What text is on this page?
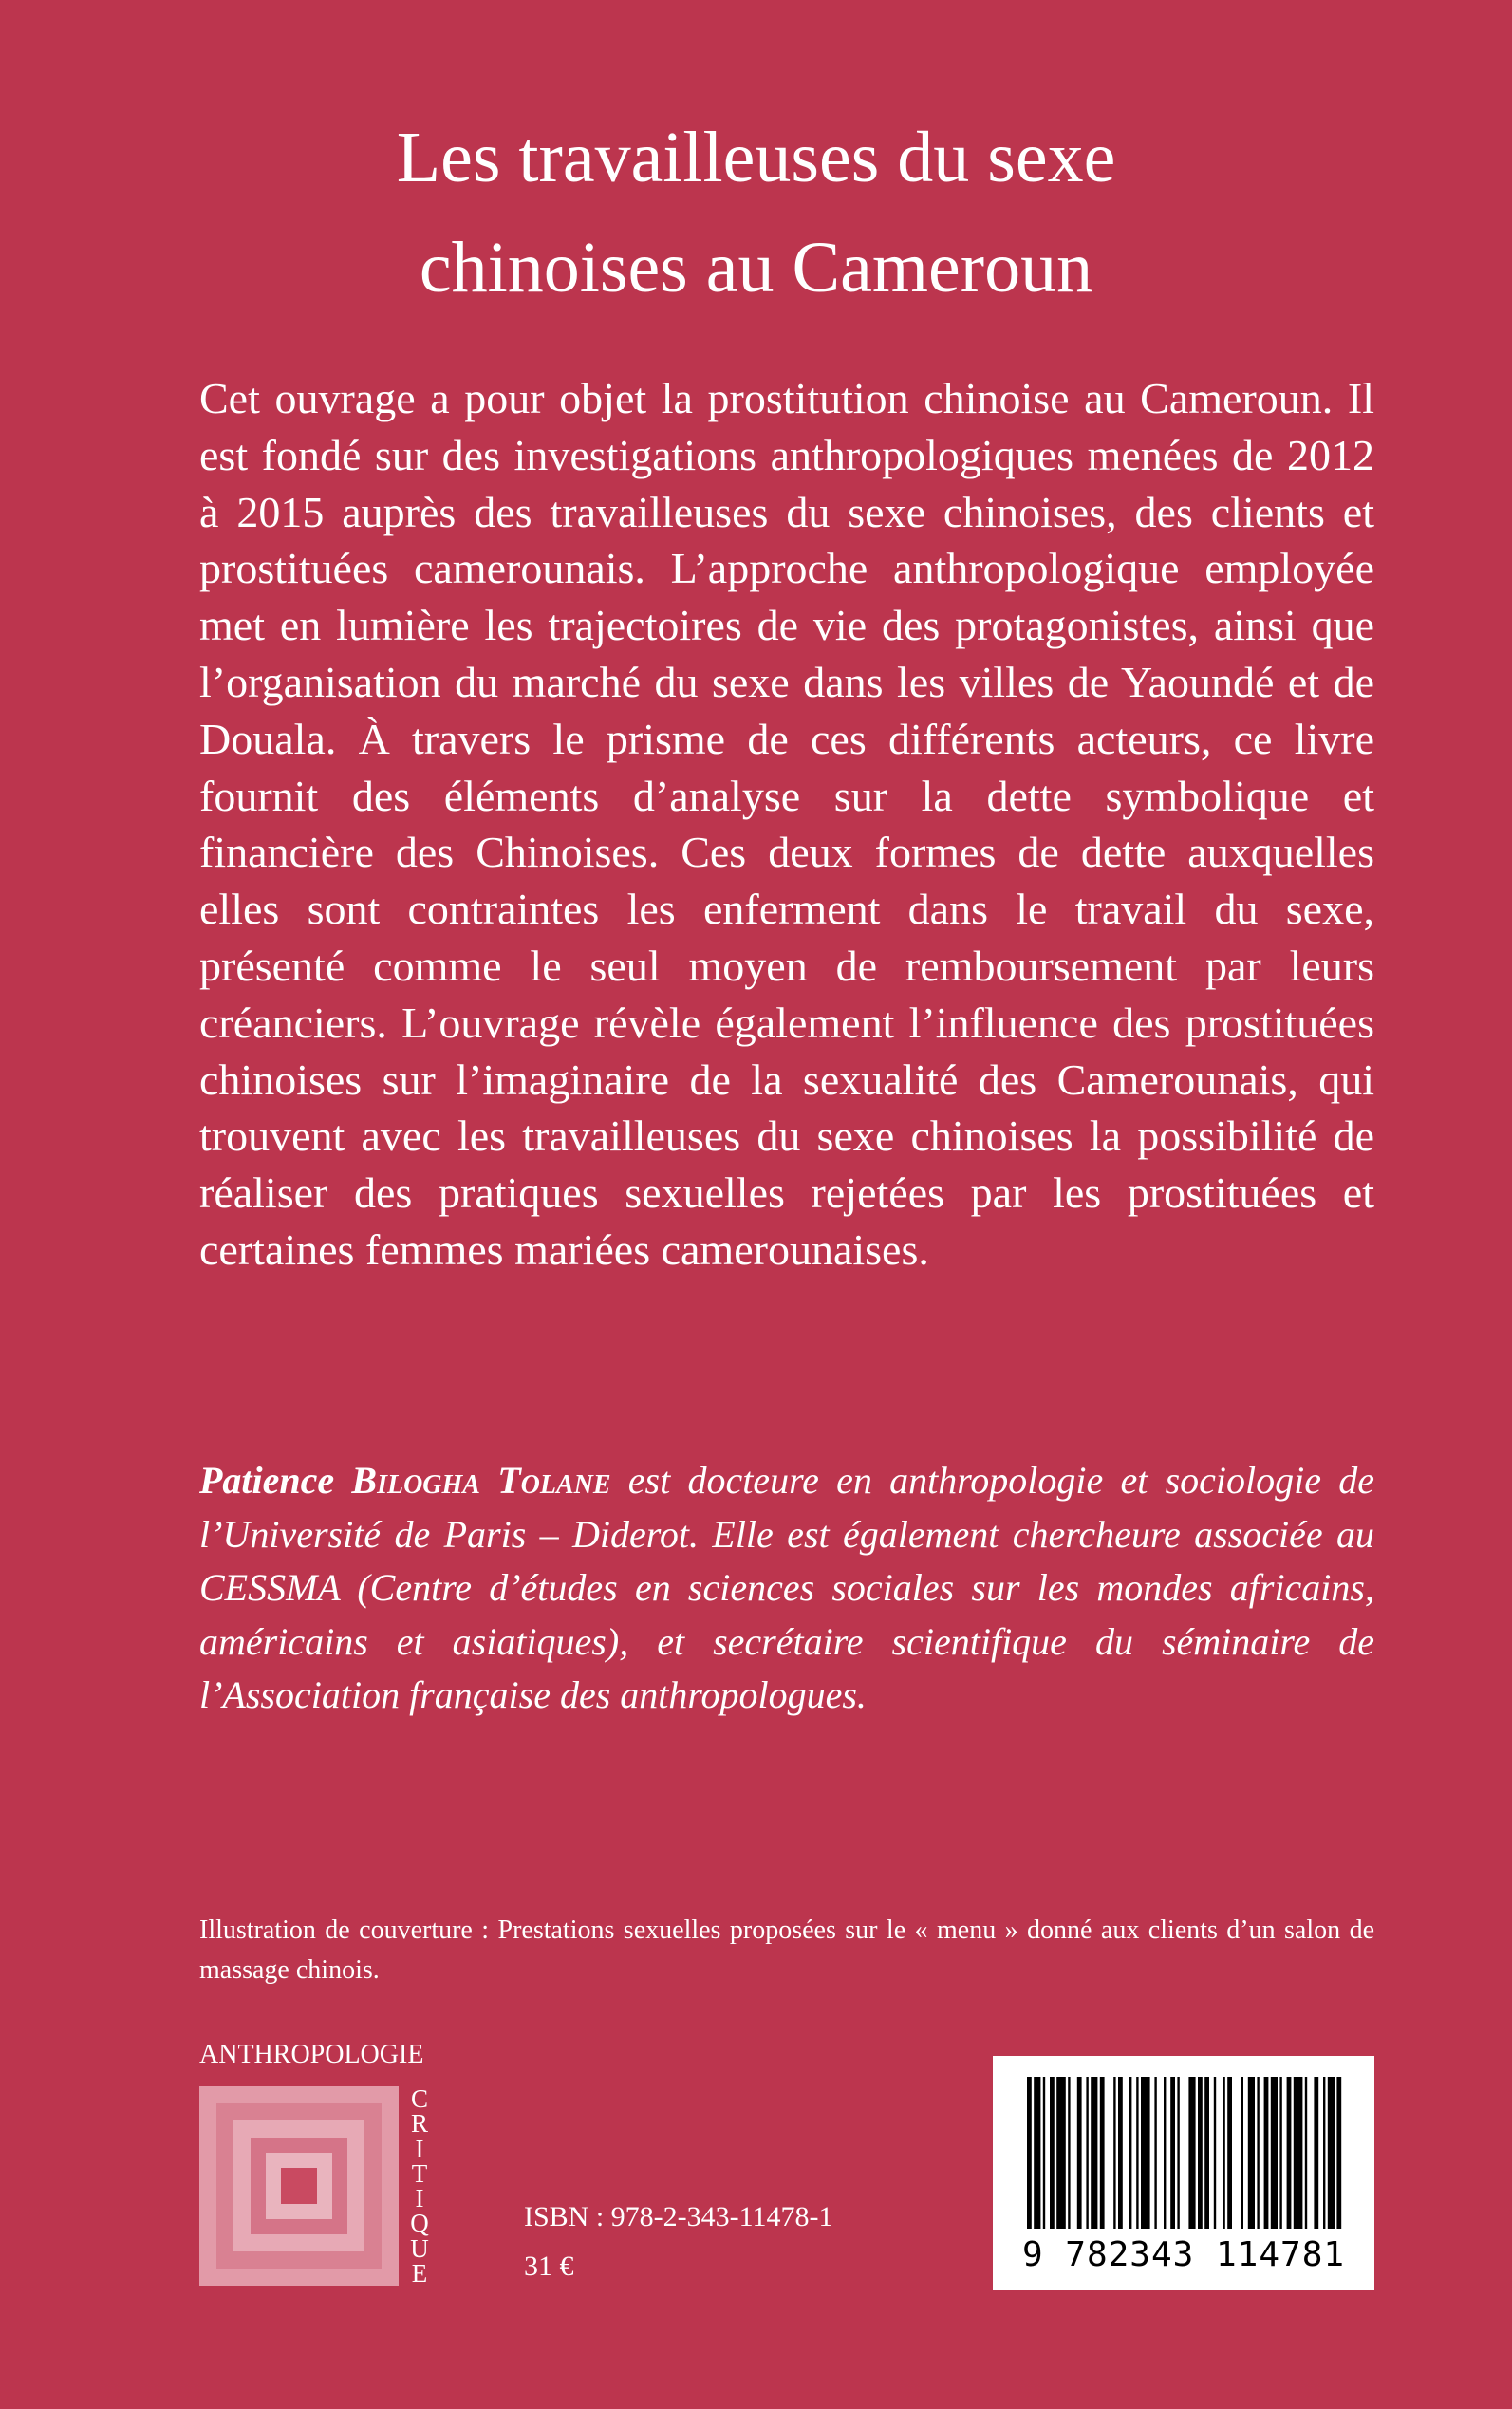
Les travailleuses du sexe
chinoises au Cameroun

Cet ouvrage a pour objet la prostitution chinoise au Cameroun. Il est fondé sur des investigations anthropologiques menées de 2012 à 2015 auprès des travailleuses du sexe chinoises, des clients et prostituées camerounais. L’approche anthropologique employée met en lumière les trajectoires de vie des protagonistes, ainsi que l’organisation du marché du sexe dans les villes de Yaoundé et de Douala. À travers le prisme de ces différents acteurs, ce livre fournit des éléments d’analyse sur la dette symbolique et financière des Chinoises. Ces deux formes de dette auxquelles elles sont contraintes les enferment dans le travail du sexe, présenté comme le seul moyen de remboursement par leurs créanciers. L’ouvrage révèle également l’influence des prostituées chinoises sur l’imaginaire de la sexualité des Camerounais, qui trouvent avec les travailleuses du sexe chinoises la possibilité de réaliser des pratiques sexuelles rejetées par les prostituées et certaines femmes mariées camerounaises.

Patience Bilogha Tolane est docteure en anthropologie et sociologie de l’Université de Paris – Diderot. Elle est également chercheure associée au CESSMA (Centre d’études en sciences sociales sur les mondes africains, américains et asiatiques), et secrétaire scientifique du séminaire de l’Association française des anthropologues.

Illustration de couverture : Prestations sexuelles proposées sur le « menu » donné aux clients d’un salon de massage chinois.

ANTHROPOLOGIE
C
R
I
T
I
Q
U
E
ISBN : 978-2-343-11478-1
31 €	9 782343 114781
